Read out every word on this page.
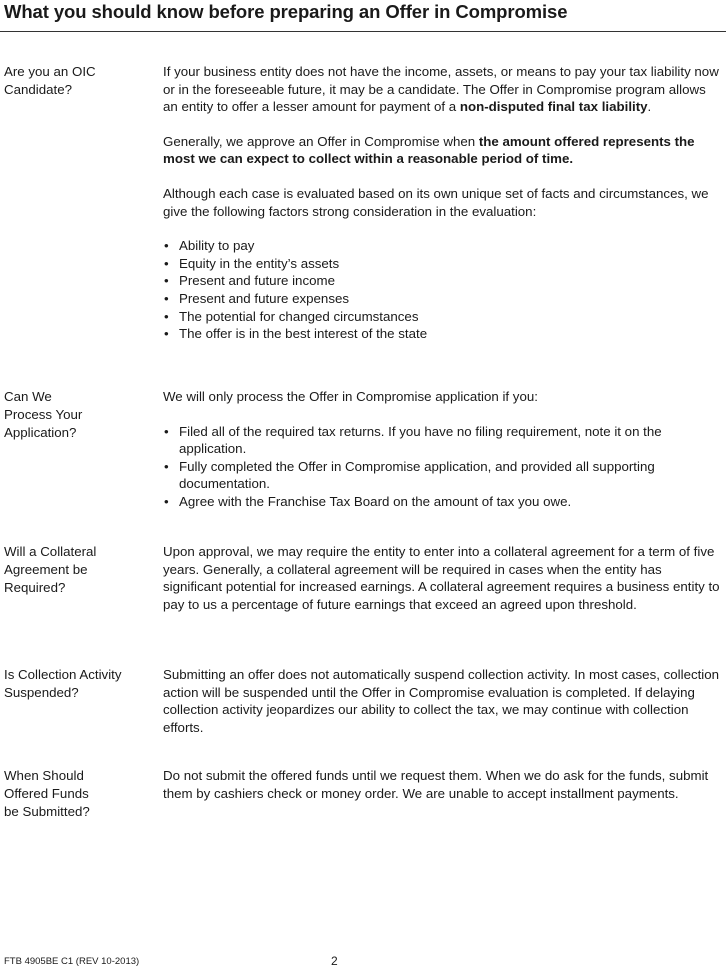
What you should know before preparing an Offer in Compromise
Are you an OIC Candidate?

If your business entity does not have the income, assets, or means to pay your tax liability now or in the foreseeable future, it may be a candidate. The Offer in Compromise program allows an entity to offer a lesser amount for payment of a non-disputed final tax liability.

Generally, we approve an Offer in Compromise when the amount offered represents the most we can expect to collect within a reasonable period of time.

Although each case is evaluated based on its own unique set of facts and circumstances, we give the following factors strong consideration in the evaluation:

• Ability to pay
• Equity in the entity’s assets
• Present and future income
• Present and future expenses
• The potential for changed circumstances
• The offer is in the best interest of the state
Can We
Process Your
Application?

We will only process the Offer in Compromise application if you:

• Filed all of the required tax returns. If you have no filing requirement, note it on the application.
• Fully completed the Offer in Compromise application, and provided all supporting documentation.
• Agree with the Franchise Tax Board on the amount of tax you owe.
Will a Collateral
Agreement be
Required?

Upon approval, we may require the entity to enter into a collateral agreement for a term of five years. Generally, a collateral agreement will be required in cases when the entity has significant potential for increased earnings. A collateral agreement requires a business entity to pay to us a percentage of future earnings that exceed an agreed upon threshold.

Is Collection Activity
Suspended?

Submitting an offer does not automatically suspend collection activity. In most cases, collection action will be suspended until the Offer in Compromise evaluation is completed. If delaying collection activity jeopardizes our ability to collect the tax, we may continue with collection efforts.

When Should
Offered Funds
be Submitted?

Do not submit the offered funds until we request them. When we do ask for the funds, submit them by cashiers check or money order. We are unable to accept installment payments.

FTB 4905BE C1 (REV 10-2013)	2
